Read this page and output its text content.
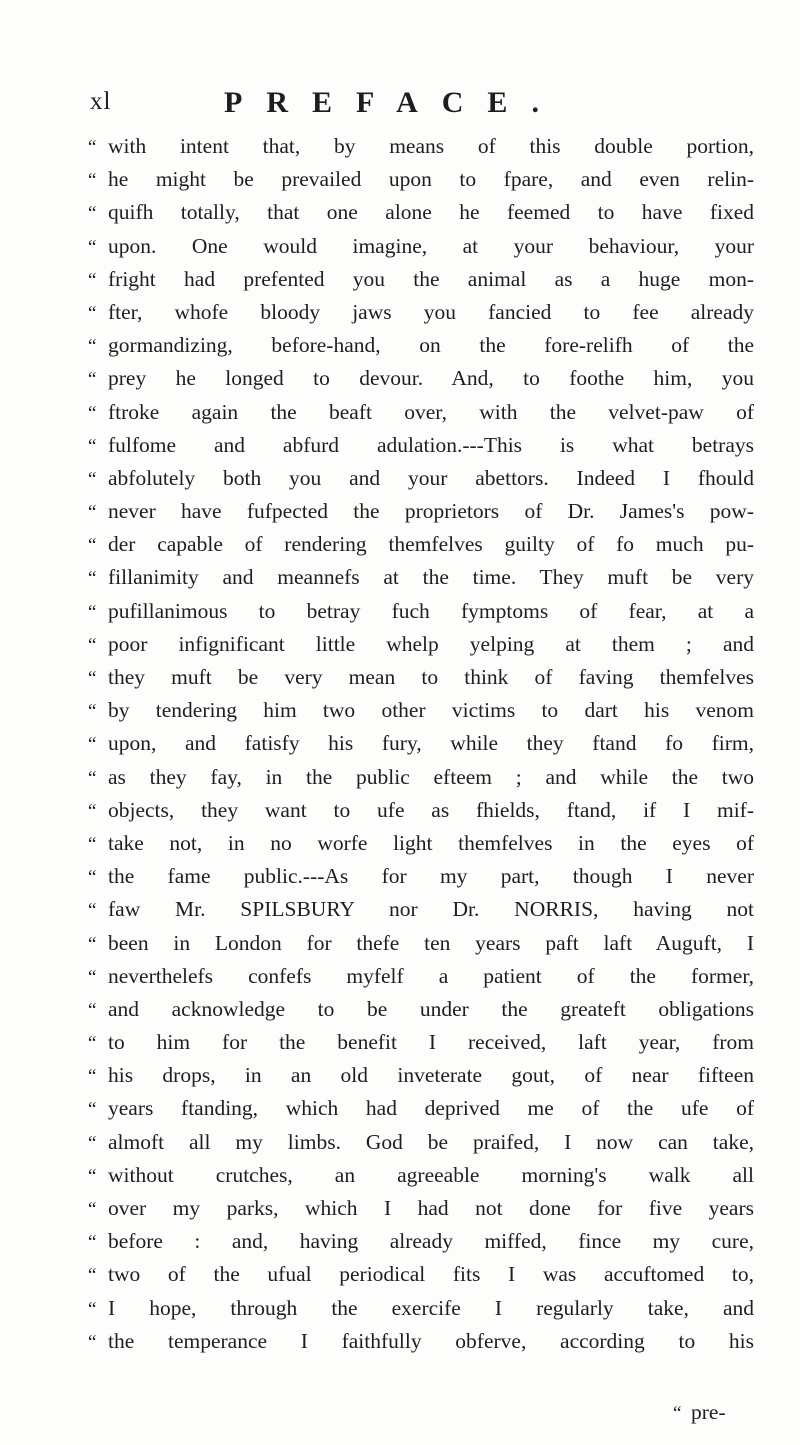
xl	PREFACE.
“ with intent that, by means of this double portion,
“ he might be prevailed upon to fpare, and even relin-
“ quifh totally, that one alone he feemed to have fixed
“ upon. One would imagine, at your behaviour, your
“ fright had prefented you the animal as a huge mon-
“ fter, whofe bloody jaws you fancied to fee already
“ gormandizing, before-hand, on the fore-relifh of the
“ prey he longed to devour. And, to foothe him, you
“ ftroke again the beaft over, with the velvet-paw of
“ fulfome and abfurd adulation.---This is what betrays
“ abfolutely both you and your abettors. Indeed I fhould
“ never have fufpected the proprietors of Dr. James's pow-
“ der capable of rendering themfelves guilty of fo much pu-
“ fillanimity and meannefs at the time. They muft be very
“ pufillanimous to betray fuch fymptoms of fear, at a
“ poor infignificant little whelp yelping at them ; and
“ they muft be very mean to think of faving themfelves
“ by tendering him two other victims to dart his venom
“ upon, and fatisfy his fury, while they ftand fo firm,
“ as they fay, in the public efteem ; and while the two
“ objects, they want to ufe as fhields, ftand, if I mif-
“ take not, in no worfe light themfelves in the eyes of
“ the fame public.---As for my part, though I never
“ faw Mr. SPILSBURY nor Dr. NORRIS, having not
“ been in London for thefe ten years paft laft Auguft, I
“ neverthelefs confefs myfelf a patient of the former,
“ and acknowledge to be under the greateft obligations
“ to him for the benefit I received, laft year, from
“ his drops, in an old inveterate gout, of near fifteen
“ years ftanding, which had deprived me of the ufe of
“ almoft all my limbs. God be praifed, I now can take,
“ without crutches, an agreeable morning's walk all
“ over my parks, which I had not done for five years
“ before : and, having already miffed, fince my cure,
“ two of the ufual periodical fits I was accuftomed to,
“ I hope, through the exercife I regularly take, and
“ the temperance I faithfully obferve, according to his
“ pre-
